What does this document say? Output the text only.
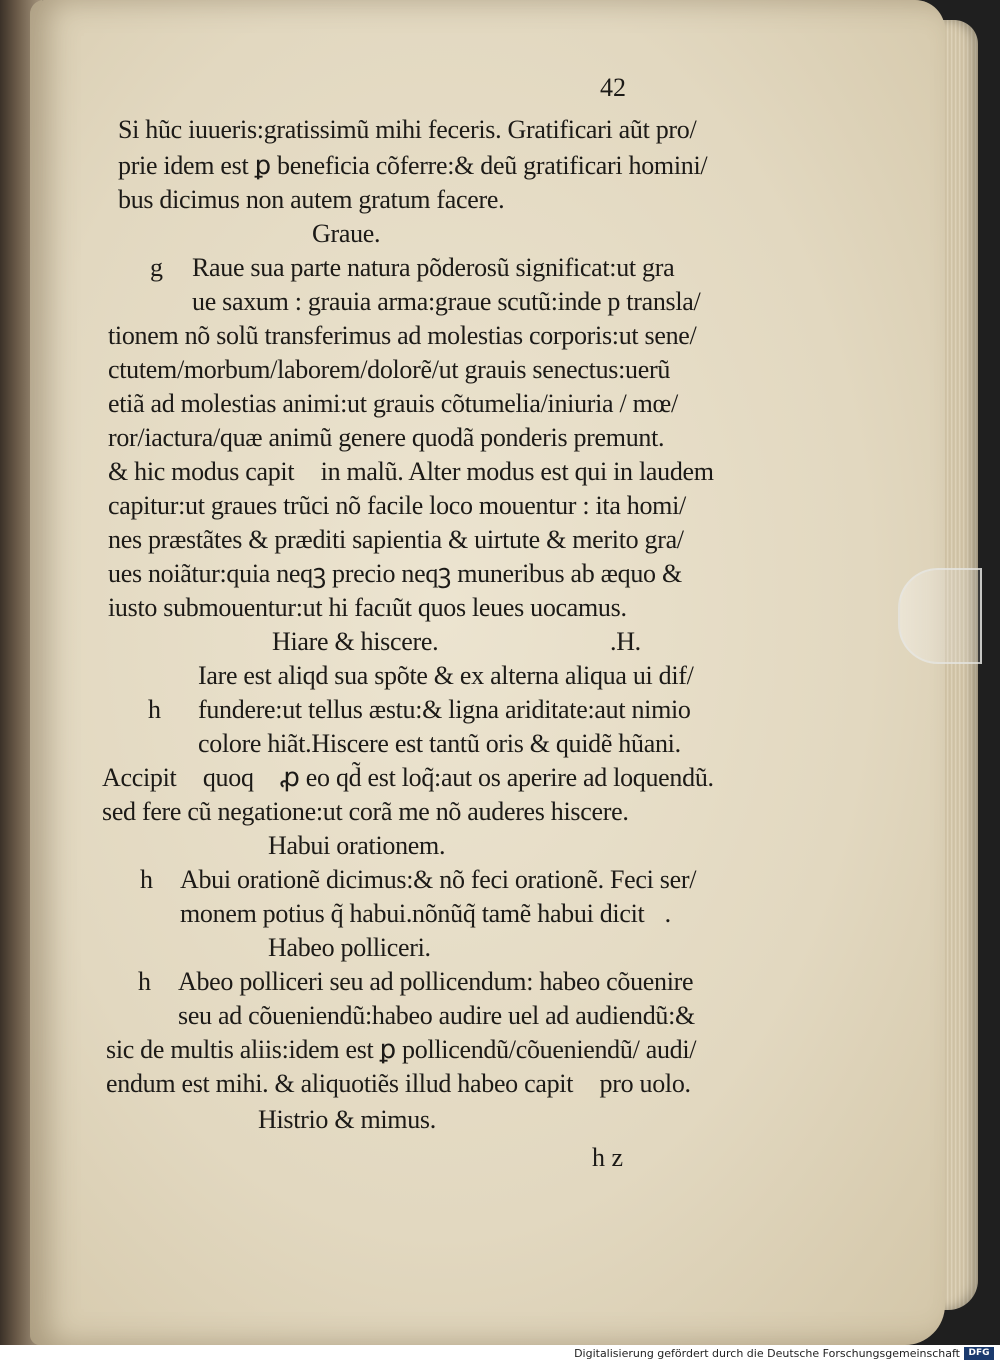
42
Si hũc iuueris:gratissimũ mihi feceris. Gratificari aũt pro/
prie idem est ꝑ beneficia cõferre:& deũ gratificari homini/
bus dicimus non autem gratum facere.
Graue.
g Raue sua parte natura põderosũ significat:ut gra
ue saxum : grauia arma:graue scutũ:inde p transla/
tionem nõ solũ transferimus ad molestias corporis:ut sene/
ctutem/morbum/laborem/dolorẽ/ut grauis senectus:uerũ
etiã ad molestias animi:ut grauis cõtumelia/iniuria / mœ/
ror/iactura/quæ animũ genere quodã ponderis premunt.
& hic modus capit᷑ in malũ. Alter modus est qui in laudem
capitur:ut graues trũci nõ facile loco mouentur : ita homi/
nes præstãtes & præditi sapientia & uirtute & merito gra/
ues noiãtur:quia neqꝫ precio neqꝫ muneribus ab æquo &
iusto submouentur:ut hi facıũt quos leues uocamus.
Hiare & hiscere.	.H.
Iare est aliqd sua spõte & ex alterna aliqua ui dif/
h fundere:ut tellus æstu:& ligna ariditate:aut nimio
colore hiãt.Hiscere est tantũ oris & quidẽ hũani.
Accipit᷑ quoqꝫ ꝓ eo qd̃ est loq̃:aut os aperire ad loquendũ.
sed fere cũ negatione:ut corã me nõ auderes hiscere.
Habui orationem.
h Abui orationẽ dicimus:& nõ feci orationẽ. Feci ser/
monem potius q̃ habui.nõnũq̃ tamẽ habui dicit᷑.
Habeo polliceri.
h Abeo polliceri seu ad pollicendum: habeo cõuenire
seu ad cõueniendũ:habeo audire uel ad audiendũ:&
sic de multis aliis:idem est ꝑ pollicendũ/cõueniendũ/ audi/
endum est mihi. & aliquotiẽs illud habeo capit᷑ pro uolo.
Histrio & mimus.
h z
Digitalisierung gefördert durch die Deutsche Forschungsgemeinschaft DFG
